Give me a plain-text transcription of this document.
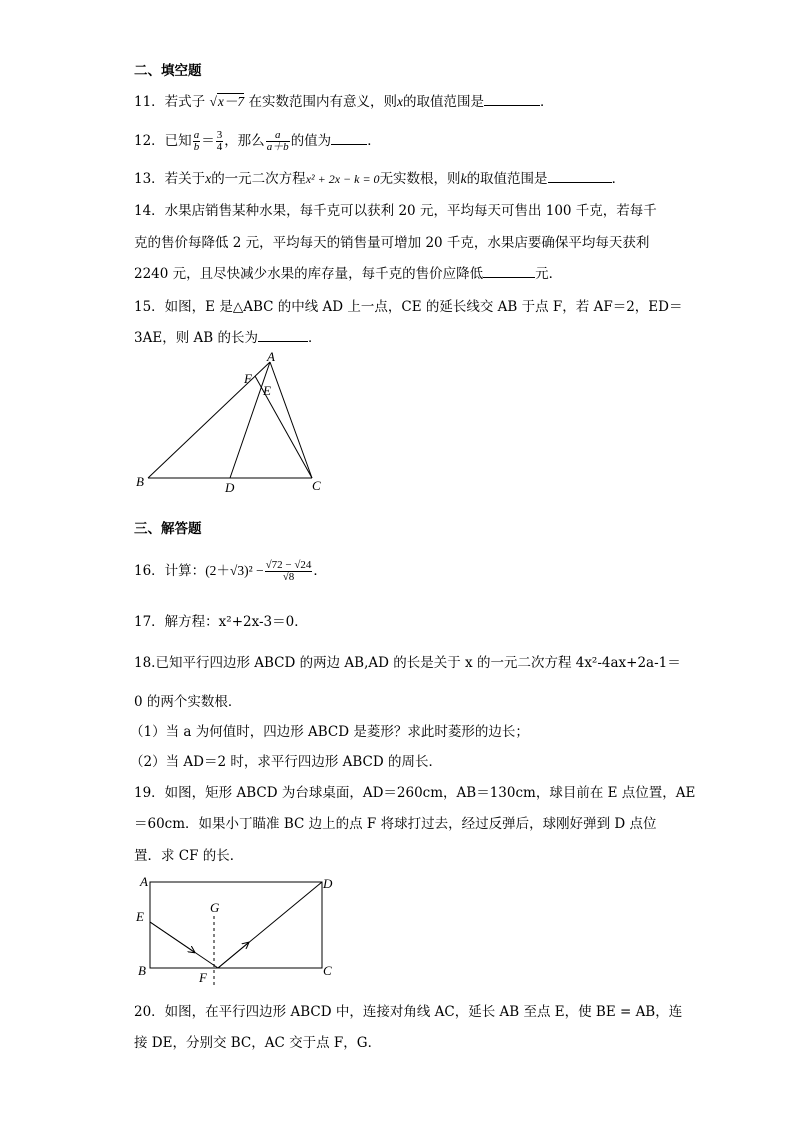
二、填空题
11．若式子 √x－7 在实数范围内有意义，则x的取值范围是	．
12．已知 $\frac{a}{b} = \frac{3}{4}$ ，那么 $\frac{a}{a+b}$ 的值为	．
13．若关于x的一元二次方程x² + 2x − k = 0无实数根，则k的取值范围是	．
14．水果店销售某种水果，每千克可以获利 20 元，平均每天可售出 100 千克，若每千
克的售价每降低 2 元，平均每天的销售量可增加 20 千克，水果店要确保平均每天获利
2240 元，且尽快减少水果的库存量，每千克的售价应降低	元．
15．如图，E 是△ABC 的中线 AD 上一点，CE 的延长线交 AB 于点 F，若 AF＝2，ED＝
3AE，则 AB 的长为	．
A
F
E
B	D	C
三、解答题
16．计算：$(2+√3)^2 - \frac{√72 - √24}{√8}$ ．
17．解方程：x²+2x-3＝0．
18.已知平行四边形 ABCD 的两边 AB,AD 的长是关于 x 的一元二次方程 4x²-4ax+2a-1＝
0 的两个实数根．
（1）当 a 为何值时，四边形 ABCD 是菱形？求此时菱形的边长；
（2）当 AD＝2 时，求平行四边形 ABCD 的周长．
19．如图，矩形 ABCD 为台球桌面，AD＝260cm，AB＝130cm，球目前在 E 点位置，AE
＝60cm．如果小丁瞄准 BC 边上的点 F 将球打过去，经过反弹后，球刚好弹到 D 点位
置．求 CF 的长．
A	D
E
G
B	F	C
20．如图，在平行四边形 ABCD 中，连接对角线 AC，延长 AB 至点 E，使 BE = AB，连
接 DE，分别交 BC，AC 交于点 F，G．
